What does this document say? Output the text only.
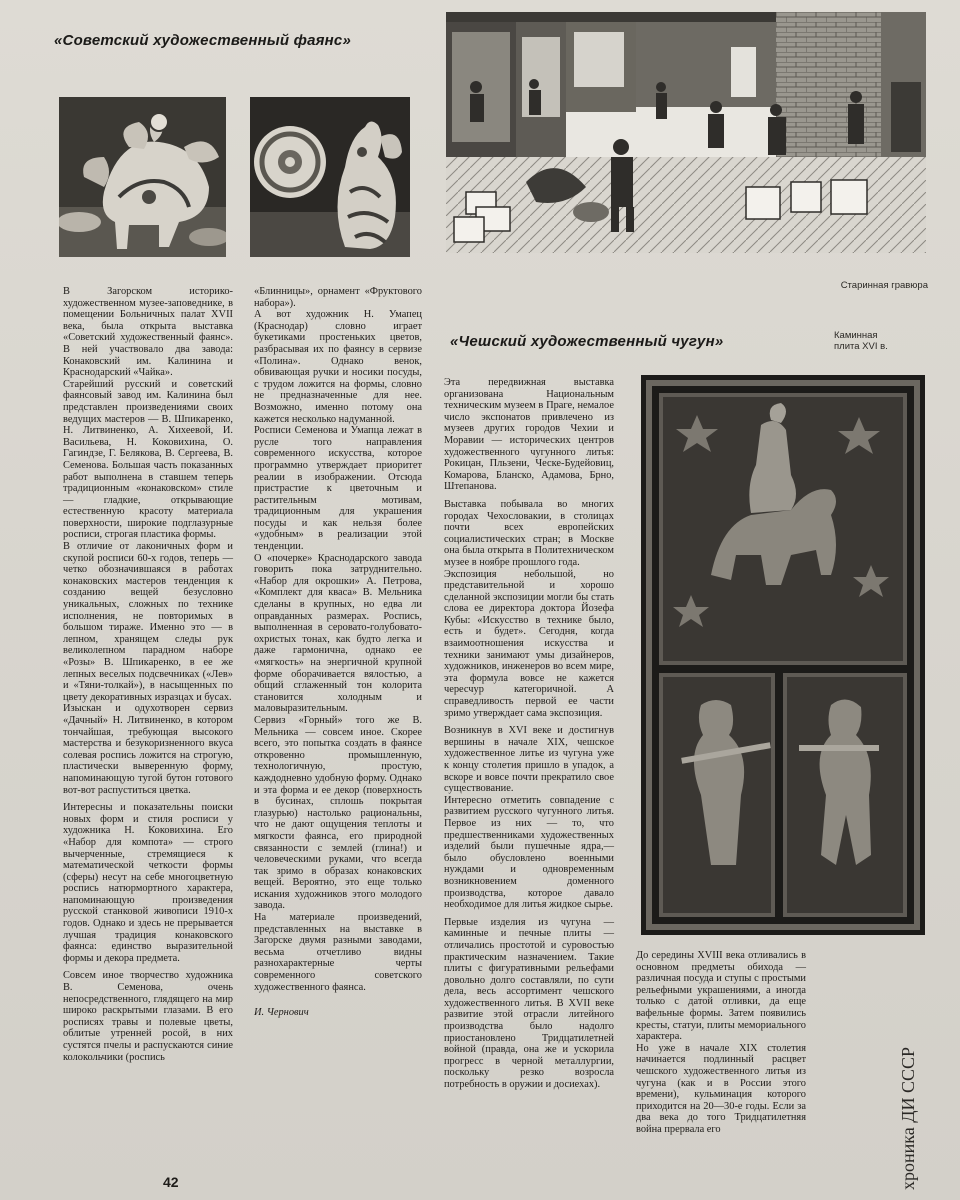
«Советский художественный фаянс»
Старинная гравюра
«Чешский художественный чугун»	Каминная плита XVI в.

В Загорском историко-художественном музее-заповеднике, в помещении Больничных палат XVII века, была открыта выставка «Советский художественный фаянс». В ней участвовало два завода: Конаковский им. Калинина и Краснодарский «Чайка».

Старейший русский и советский фаянсовый завод им. Калинина был представлен произведениями своих ведущих мастеров — В. Шпикаренко, Н. Литвиненко, А. Хихеевой, И. Васильева, Н. Коковихина, О. Гагиндзе, Г. Белякова, В. Сергеева, В. Семенова. Большая часть показанных работ выполнена в ставшем теперь традиционным «конаковском» стиле — гладкие, открывающие естественную красоту материала поверхности, широкие подглазурные росписи, строгая пластика формы.

В отличие от лаконичных форм и скупой росписи 60-х годов, теперь — четко обозначившаяся в работах конаковских мастеров тенденция к созданию вещей безусловно уникальных, сложных по технике исполнения, не повторимых в большом тираже. Именно это — в лепном, хранящем следы рук великолепном парадном наборе «Розы» В. Шпикаренко, в ее же лепных веселых подсвечниках («Лев» и «Тяни-толкай»), в насыщенных по цвету декоративных изразцах и бусах.

Изыскан и одухотворен сервиз «Дачный» Н. Литвиненко, в котором тончайшая, требующая высокого мастерства и безукоризненного вкуса солевая роспись ложится на строгую, пластически выверенную форму, напоминающую тугой бутон готового вот-вот распуститься цветка.

Интересны и показательны поиски новых форм и стиля росписи у художника Н. Коковихина. Его «Набор для компота» — строго вычерченные, стремящиеся к математической четкости формы (сферы) несут на себе многоцветную роспись натюрмортного характера, напоминающую произведения русской станковой живописи 1910-х годов. Однако и здесь не прерывается лучшая традиция конаковского фаянса: единство выразительной формы и декора предмета.

Совсем иное творчество художника В. Семенова, очень непосредственного, глядящего на мир широко раскрытыми глазами. В его росписях травы и полевые цветы, облитые утренней росой, в них сустятся пчелы и распускаются синие колокольчики (роспись

«Блинницы», орнамент «Фруктового набора»).

А вот художник Н. Умапец (Краснодар) словно играет букетиками простеньких цветов, разбрасывая их по фаянсу в сервизе «Полина». Однако венок, обвивающая ручки и носики посуды, с трудом ложится на формы, словно не предназначенные для нее. Возможно, именно потому она кажется несколько надуманной.

Росписи Семенова и Умапца лежат в русле того направления современного искусства, которое программно утверждает приоритет реалии в изображении. Отсюда пристрастие к цветочным и растительным мотивам, традиционным для украшения посуды и как нельзя более «удобным» в реализации этой тенденции.

О «почерке» Краснодарского завода говорить пока затруднительно. «Набор для окрошки» А. Петрова, «Комплект для кваса» В. Мельника сделаны в крупных, но едва ли оправданных размерах. Роспись, выполненная в серовато-голубовато-охристых тонах, как будто легка и даже гармонична, однако ее «мягкость» на энергичной крупной форме оборачивается вялостью, а общий сглаженный тон колорита становится холодным и маловыразительным.

Сервиз «Горный» того же В. Мельника — совсем иное. Скорее всего, это попытка создать в фаянсе откровенно промышленную, технологичную, простую, каждодневно удобную форму. Однако и эта форма и ее декор (поверхность в бусинах, сплошь покрытая глазурью) настолько рациональны, что не дают ощущения теплоты и мягкости фаянса, его природной связанности с землей (глина!) и человеческими руками, что всегда так зримо в образах конаковских вещей. Вероятно, это еще только искания художников этого молодого завода.

На материале произведений, представленных на выставке в Загорске двумя разными заводами, весьма отчетливо видны разнохарактерные черты современного советского художественного фаянса.

И. Чернович

Эта передвижная выставка организована Национальным техническим музеем в Праге, немалое число экспонатов привлечено из музеев других городов Чехии и Моравии — исторических центров художественного чугунного литья: Рокицан, Пльзени, Ческе-Будейовиц, Комарова, Бланско, Адамова, Брно, Штепанова.

Выставка побывала во многих городах Чехословакии, в столицах почти всех европейских социалистических стран; в Москве она была открыта в Политехническом музее в ноябре прошлого года.

Экспозиция небольшой, но представительной и хорошо сделанной экспозиции могли бы стать слова ее директора доктора Йозефа Кубы: «Искусство в технике было, есть и будет». Сегодня, когда взаимоотношения искусства и техники занимают умы дизайнеров, художников, инженеров во всем мире, эта формула вовсе не кажется чересчур категоричной. А справедливость первой ее части зримо утверждает сама экспозиция.

Возникнув в XVI веке и достигнув вершины в начале XIX, чешское художественное литье из чугуна уже к концу столетия пришло в упадок, а вскоре и вовсе почти прекратило свое существование.

Интересно отметить совпадение с развитием русского чугунного литья. Первое из них — то, что предшественниками художественных изделий были пушечные ядра,— было обусловлено военными нуждами и одновременным возникновением доменного производства, которое давало необходимое для литья жидкое сырье.

Первые изделия из чугуна — каминные и печные плиты — отличались простотой и суровостью практическим назначением. Такие плиты с фигуративными рельефами довольно долго составляли, по сути дела, весь ассортимент чешского художественного литья. В XVII веке развитие этой отрасли литейного производства было надолго приостановлено Тридцатилетней войной (правда, она же и ускорила прогресс в черной металлургии, поскольку резко возросла потребность в оружии и досиехах).

До середины XVIII века отливались в основном предметы обихода — различная посуда и ступы с простыми рельефными украшениями, а иногда только с датой отливки, да еще вафельные формы. Затем появились кресты, статуи, плиты мемориального характера.

Но уже в начале XIX столетия начинается подлинный расцвет чешского художественного литья из чугуна (как и в России этого времени), кульминация которого приходится на 20—30-е годы. Если за два века до того Тридцатилетняя война прервала его

42	хроника ДИ СССР
